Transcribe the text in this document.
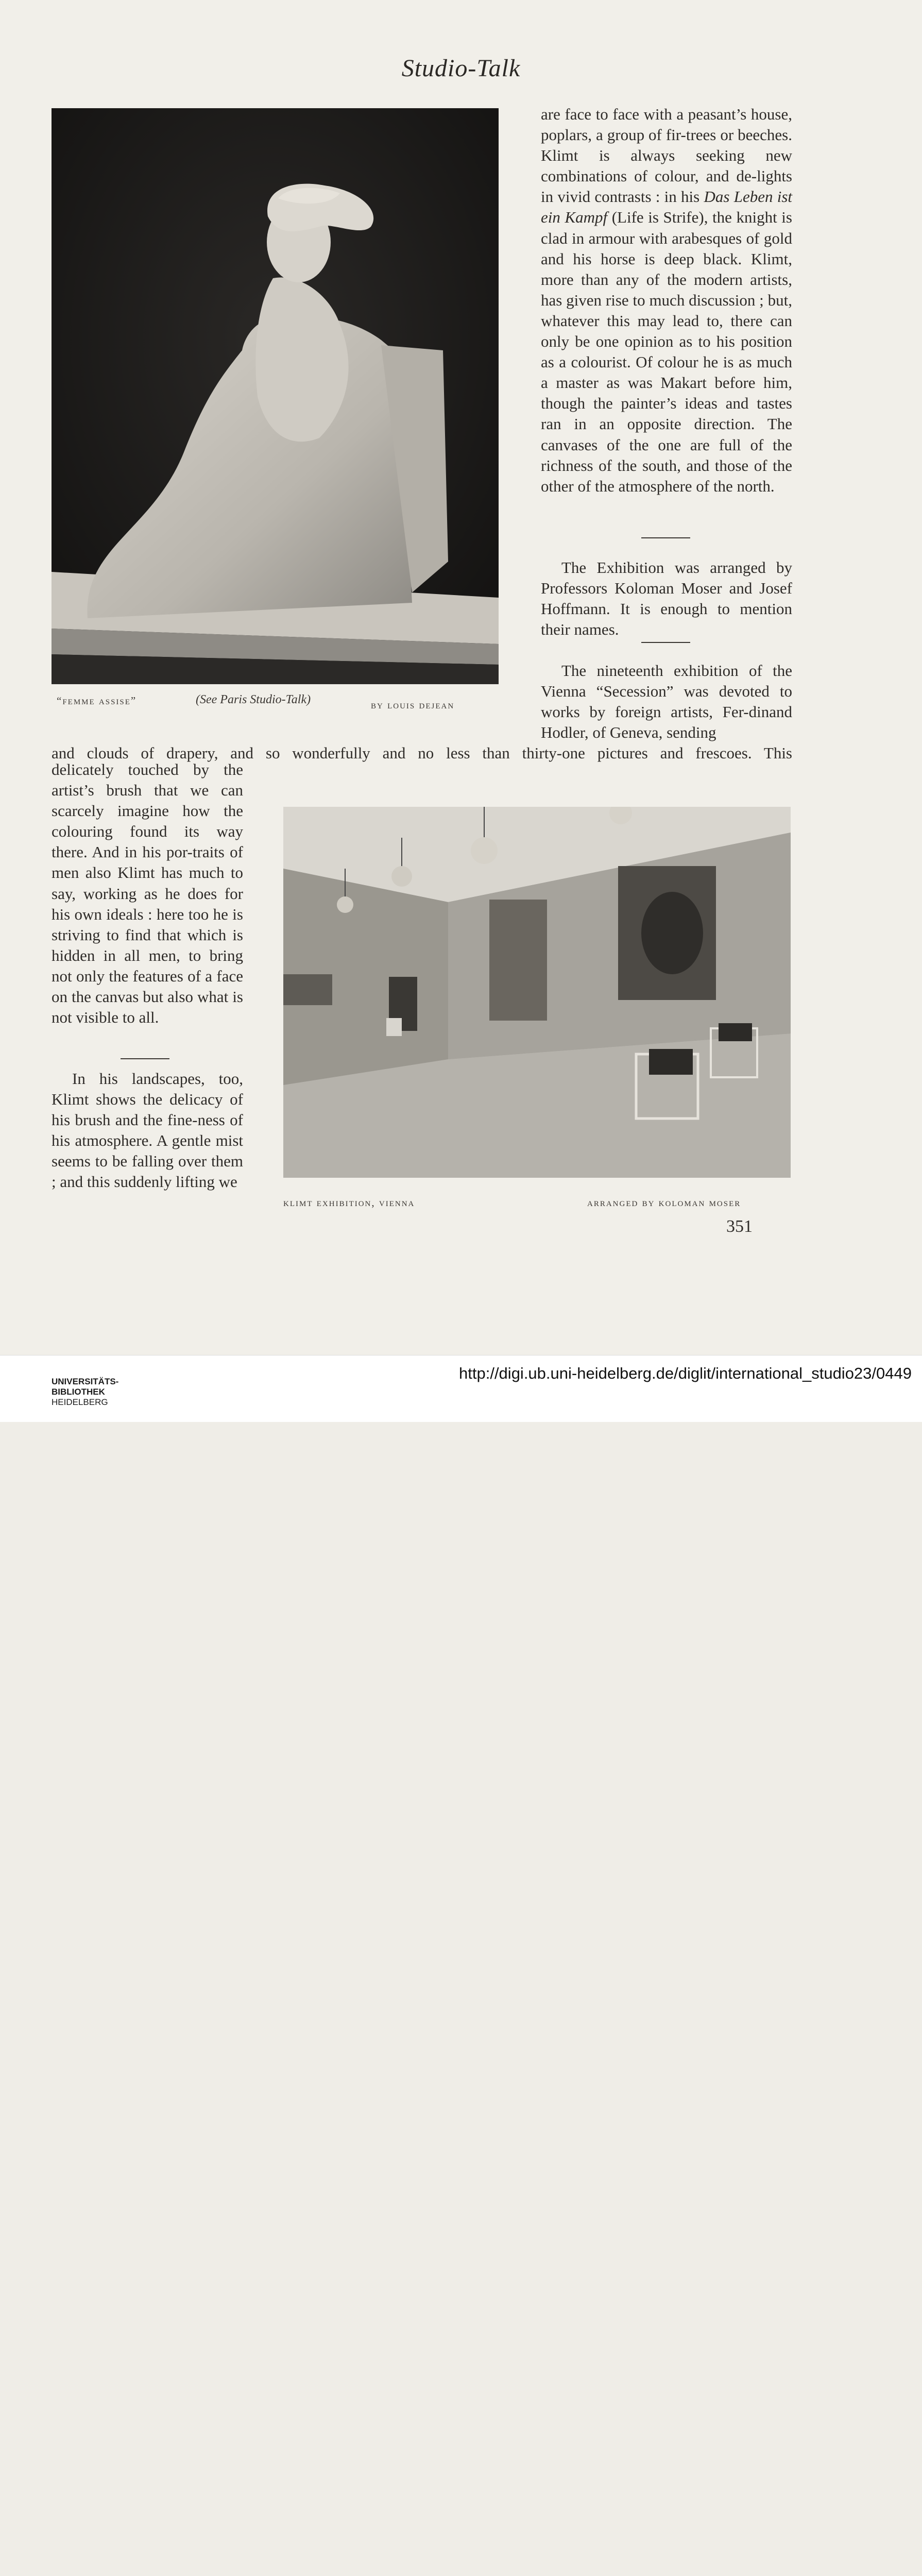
Studio-Talk
“femme assise”	(See Paris Studio-Talk)	by louis dejean

are face to face with a peasant’s house, poplars, a group of fir-trees or beeches. Klimt is always seeking new combinations of colour, and de-lights in vivid contrasts : in his Das Leben ist ein Kampf (Life is Strife), the knight is clad in armour with arabesques of gold and his horse is deep black. Klimt, more than any of the modern artists, has given rise to much discussion ; but, whatever this may lead to, there can only be one opinion as to his position as a colourist. Of colour he is as much a master as was Makart before him, though the painter’s ideas and tastes ran in an opposite direction. The canvases of the one are full of the richness of the south, and those of the other of the atmosphere of the north.

The Exhibition was arranged by Professors Koloman Moser and Josef Hoffmann. It is enough to mention their names.

The nineteenth exhibition of the Vienna “Secession” was devoted to works by foreign artists, Fer-dinand Hodler, of Geneva, sending

and clouds of drapery, and so wonderfully and no less than thirty-one pictures and frescoes. This

delicately touched by the artist’s brush that we can scarcely imagine how the colouring found its way there. And in his por-traits of men also Klimt has much to say, working as he does for his own ideals : here too he is striving to find that which is hidden in all men, to bring not only the features of a face on the canvas but also what is not visible to all.

In his landscapes, too, Klimt shows the delicacy of his brush and the fine-ness of his atmosphere. A gentle mist seems to be falling over them ; and this suddenly lifting we

klimt exhibition, vienna	arranged by koloman moser
351
UNIVERSITÄTS-
BIBLIOTHEK
HEIDELBERG
http://digi.ub.uni-heidelberg.de/diglit/international_studio23/0449
